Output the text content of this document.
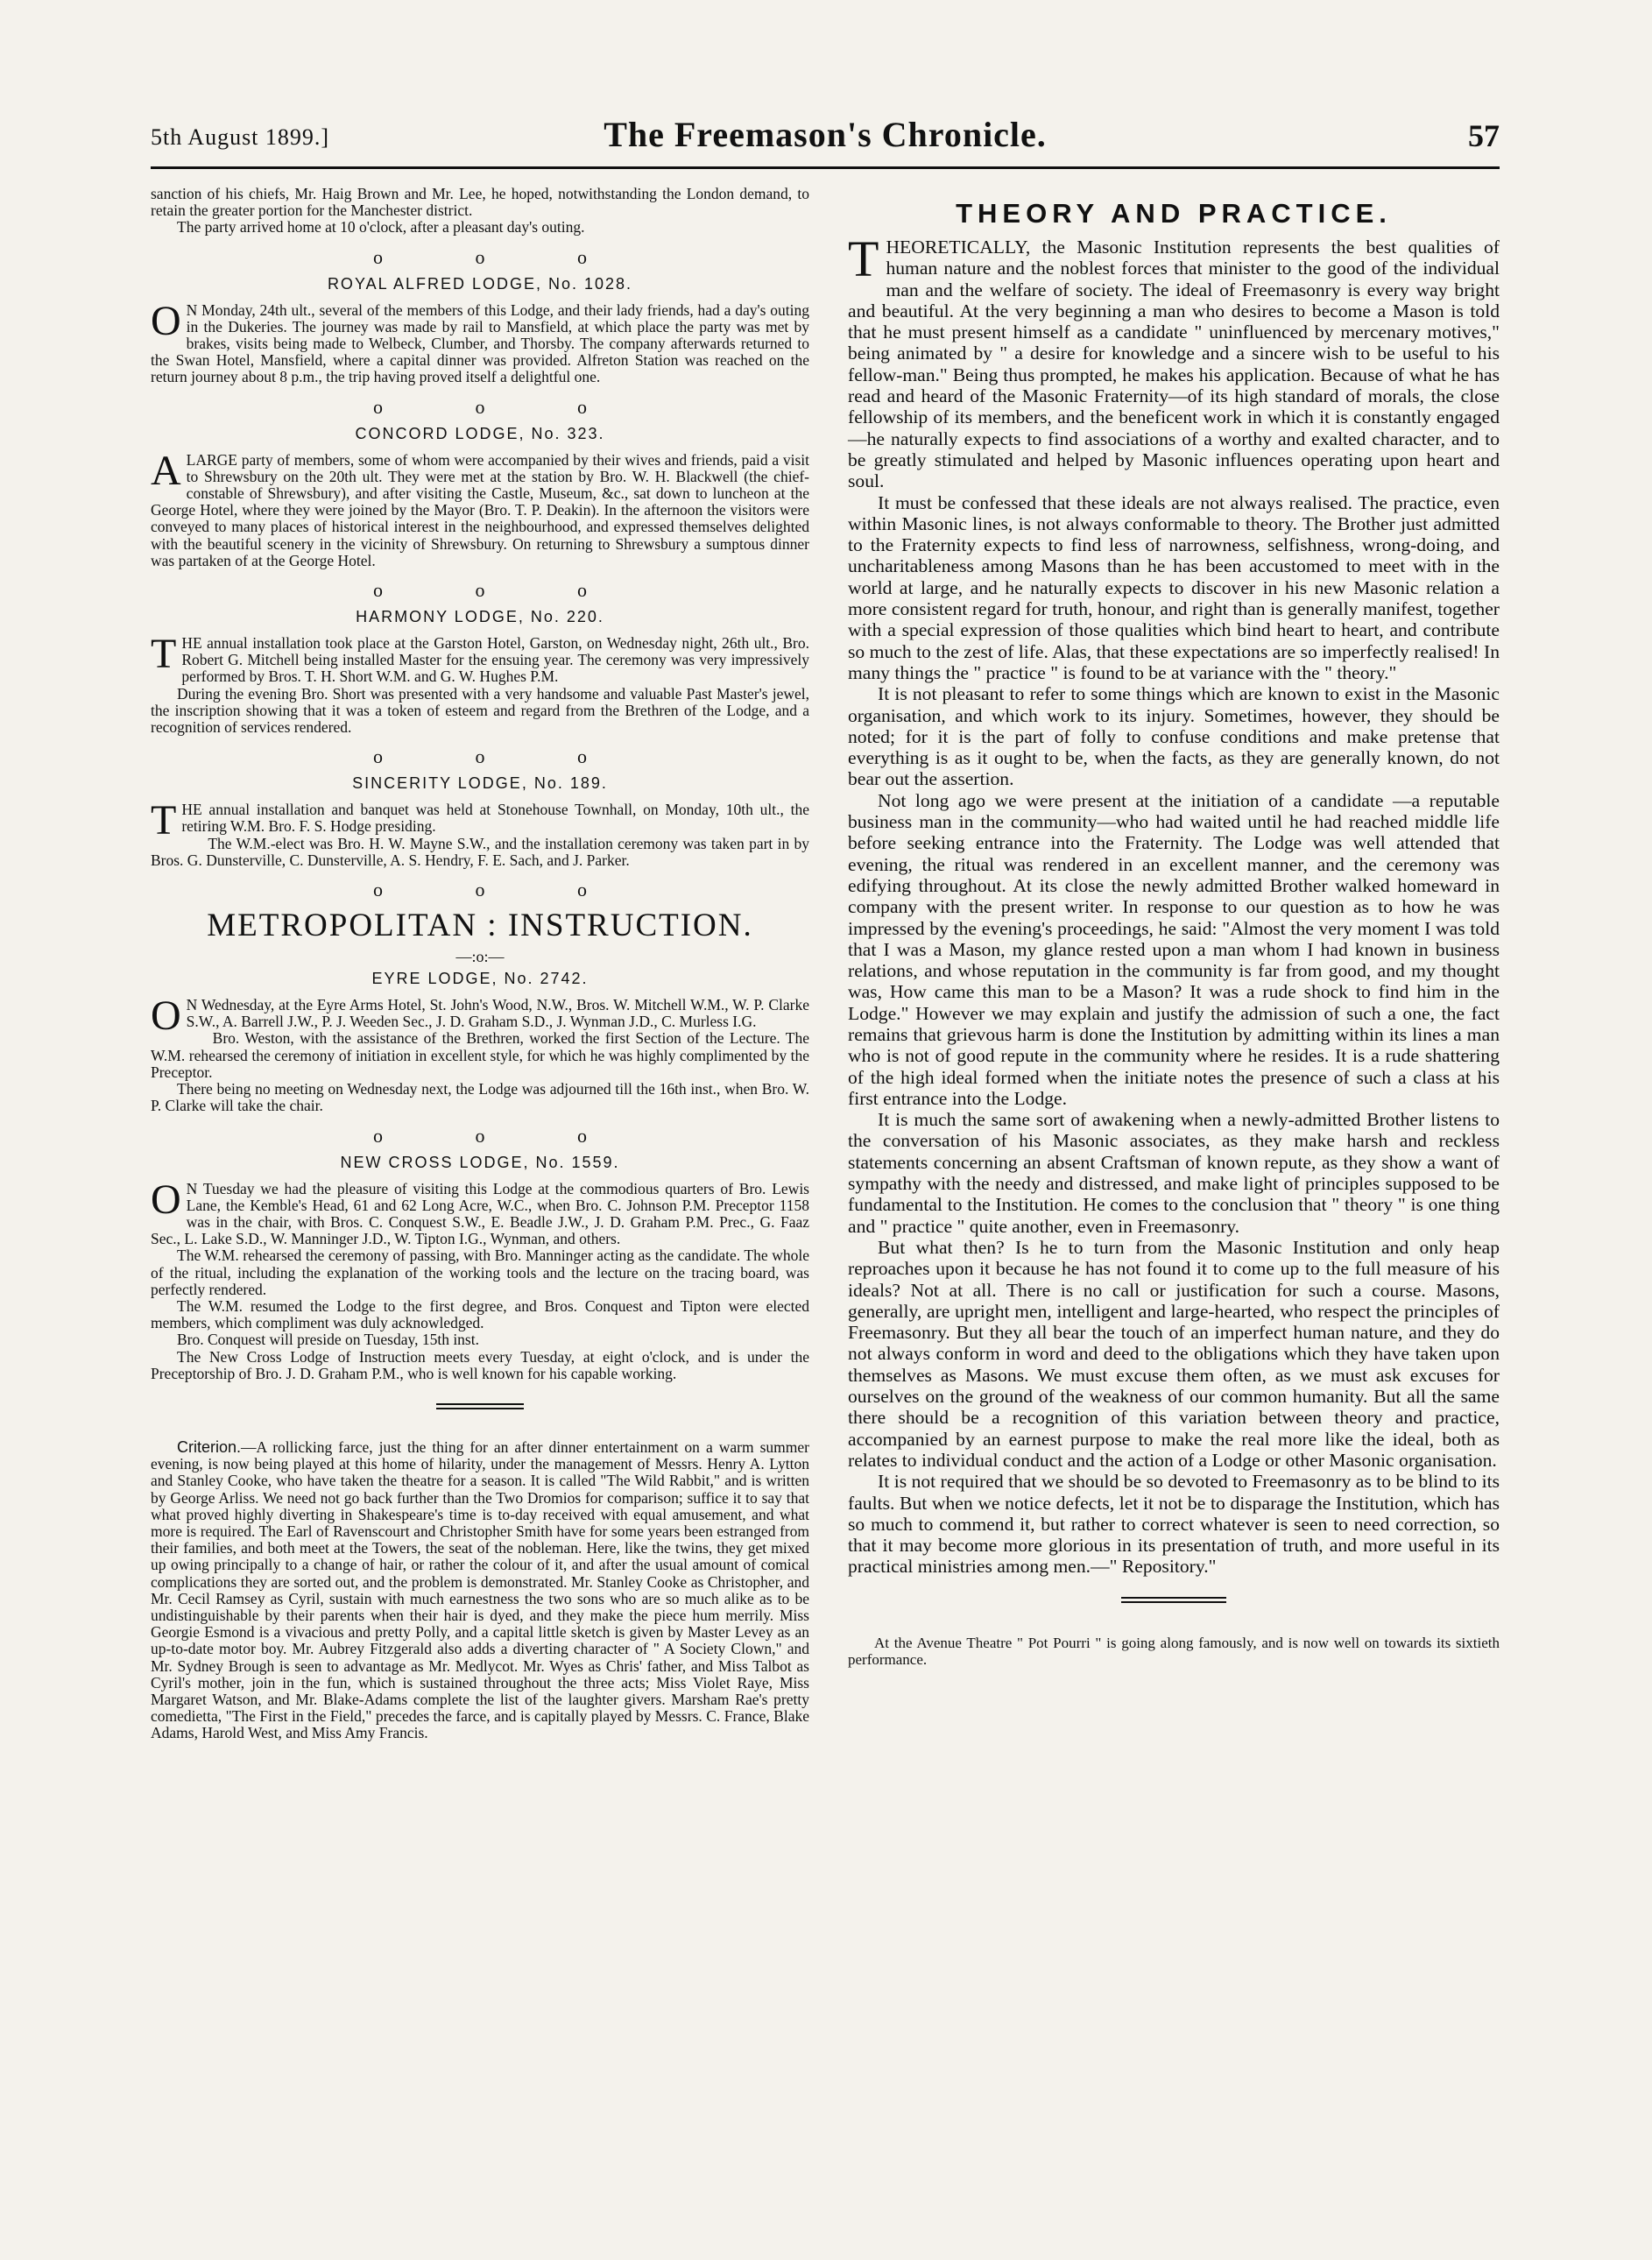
5th August 1899.]	The Freemason's Chronicle.	57

sanction of his chiefs, Mr. Haig Brown and Mr. Lee, he hoped, notwithstanding the London demand, to retain the greater portion for the Manchester district.

The party arrived home at 10 o'clock, after a pleasant day's outing.

o o o
ROYAL ALFRED LODGE, No. 1028.

O N Monday, 24th ult., several of the members of this Lodge, and their lady friends, had a day's outing in the Dukeries. The journey was made by rail to Mansfield, at which place the party was met by brakes, visits being made to Welbeck, Clumber, and Thorsby. The company afterwards returned to the Swan Hotel, Mansfield, where a capital dinner was provided. Alfreton Station was reached on the return journey about 8 p.m., the trip having proved itself a delightful one.

o o o
CONCORD LODGE, No. 323.

ALARGE party of members, some of whom were accompanied by their wives and friends, paid a visit to Shrewsbury on the 20th ult. They were met at the station by Bro. W. H. Blackwell (the chief-constable of Shrewsbury), and after visiting the Castle, Museum, &c., sat down to luncheon at the George Hotel, where they were joined by the Mayor (Bro. T. P. Deakin). In the afternoon the visitors were conveyed to many places of historical interest in the neighbourhood, and expressed themselves delighted with the beautiful scenery in the vicinity of Shrewsbury. On returning to Shrewsbury a sumptous dinner was partaken of at the George Hotel.

o o o
HARMONY LODGE, No. 220.

THE annual installation took place at the Garston Hotel, Garston, on Wednesday night, 26th ult., Bro. Robert G. Mitchell being installed Master for the ensuing year. The ceremony was very impressively performed by Bros. T. H. Short W.M. and G. W. Hughes P.M.

During the evening Bro. Short was presented with a very handsome and valuable Past Master's jewel, the inscription showing that it was a token of esteem and regard from the Brethren of the Lodge, and a recognition of services rendered.

o o o
SINCERITY LODGE, No. 189.

THE annual installation and banquet was held at Stonehouse Townhall, on Monday, 10th ult., the retiring W.M. Bro. F. S. Hodge presiding.

The W.M.-elect was Bro. H. W. Mayne S.W., and the installation ceremony was taken part in by Bros. G. Dunsterville, C. Dunsterville, A. S. Hendry, F. E. Sach, and J. Parker.

o o o
METROPOLITAN : INSTRUCTION.
—:o:—
EYRE LODGE, No. 2742.

O N Wednesday, at the Eyre Arms Hotel, St. John's Wood, N.W., Bros. W. Mitchell W.M., W. P. Clarke S.W., A. Barrell J.W., P. J. Weeden Sec., J. D. Graham S.D., J. Wynman J.D., C. Murless I.G.

Bro. Weston, with the assistance of the Brethren, worked the first Section of the Lecture. The W.M. rehearsed the ceremony of initiation in excellent style, for which he was highly complimented by the Preceptor.

There being no meeting on Wednesday next, the Lodge was adjourned till the 16th inst., when Bro. W. P. Clarke will take the chair.

o o o
NEW CROSS LODGE, No. 1559.

O N Tuesday we had the pleasure of visiting this Lodge at the commodious quarters of Bro. Lewis Lane, the Kemble's Head, 61 and 62 Long Acre, W.C., when Bro. C. Johnson P.M. Preceptor 1158 was in the chair, with Bros. C. Conquest S.W., E. Beadle J.W., J. D. Graham P.M. Prec., G. Faaz Sec., L. Lake S.D., W. Manninger J.D., W. Tipton I.G., Wynman, and others.

The W.M. rehearsed the ceremony of passing, with Bro. Manninger acting as the candidate. The whole of the ritual, including the explanation of the working tools and the lecture on the tracing board, was perfectly rendered.

The W.M. resumed the Lodge to the first degree, and Bros. Conquest and Tipton were elected members, which compliment was duly acknowledged.

Bro. Conquest will preside on Tuesday, 15th inst.

The New Cross Lodge of Instruction meets every Tuesday, at eight o'clock, and is under the Preceptorship of Bro. J. D. Graham P.M., who is well known for his capable working.

Criterion.—A rollicking farce, just the thing for an after dinner entertainment on a warm summer evening, is now being played at this home of hilarity, under the management of Messrs. Henry A. Lytton and Stanley Cooke, who have taken the theatre for a season. It is called "The Wild Rabbit," and is written by George Arliss. We need not go back further than the Two Dromios for comparison; suffice it to say that what proved highly diverting in Shakespeare's time is to-day received with equal amusement, and what more is required. The Earl of Ravenscourt and Christopher Smith have for some years been estranged from their families, and both meet at the Towers, the seat of the nobleman. Here, like the twins, they get mixed up owing principally to a change of hair, or rather the colour of it, and after the usual amount of comical complications they are sorted out, and the problem is demonstrated. Mr. Stanley Cooke as Christopher, and Mr. Cecil Ramsey as Cyril, sustain with much earnestness the two sons who are so much alike as to be undistinguishable by their parents when their hair is dyed, and they make the piece hum merrily. Miss Georgie Esmond is a vivacious and pretty Polly, and a capital little sketch is given by Master Levey as an up-to-date motor boy. Mr. Aubrey Fitzgerald also adds a diverting character of " A Society Clown," and Mr. Sydney Brough is seen to advantage as Mr. Medlycot. Mr. Wyes as Chris' father, and Miss Talbot as Cyril's mother, join in the fun, which is sustained throughout the three acts; Miss Violet Raye, Miss Margaret Watson, and Mr. Blake-Adams complete the list of the laughter givers. Marsham Rae's pretty comedietta, "The First in the Field," precedes the farce, and is capitally played by Messrs. C. France, Blake Adams, Harold West, and Miss Amy Francis.

THEORY AND PRACTICE.

THEORETICALLY, the Masonic Institution represents the best qualities of human nature and the noblest forces that minister to the good of the individual man and the welfare of society. The ideal of Freemasonry is every way bright and beautiful. At the very beginning a man who desires to become a Mason is told that he must present himself as a candidate " uninfluenced by mercenary motives," being animated by " a desire for knowledge and a sincere wish to be useful to his fellow-man." Being thus prompted, he makes his application. Because of what he has read and heard of the Masonic Fraternity—of its high standard of morals, the close fellowship of its members, and the beneficent work in which it is constantly engaged—he naturally expects to find associations of a worthy and exalted character, and to be greatly stimulated and helped by Masonic influences operating upon heart and soul.

It must be confessed that these ideals are not always realised. The practice, even within Masonic lines, is not always conformable to theory. The Brother just admitted to the Fraternity expects to find less of narrowness, selfishness, wrong-doing, and uncharitableness among Masons than he has been accustomed to meet with in the world at large, and he naturally expects to discover in his new Masonic relation a more consistent regard for truth, honour, and right than is generally manifest, together with a special expression of those qualities which bind heart to heart, and contribute so much to the zest of life. Alas, that these expectations are so imperfectly realised! In many things the " practice " is found to be at variance with the " theory."

It is not pleasant to refer to some things which are known to exist in the Masonic organisation, and which work to its injury. Sometimes, however, they should be noted; for it is the part of folly to confuse conditions and make pretense that everything is as it ought to be, when the facts, as they are generally known, do not bear out the assertion.

Not long ago we were present at the initiation of a candidate —a reputable business man in the community—who had waited until he had reached middle life before seeking entrance into the Fraternity. The Lodge was well attended that evening, the ritual was rendered in an excellent manner, and the ceremony was edifying throughout. At its close the newly admitted Brother walked homeward in company with the present writer. In response to our question as to how he was impressed by the evening's proceedings, he said: "Almost the very moment I was told that I was a Mason, my glance rested upon a man whom I had known in business relations, and whose reputation in the community is far from good, and my thought was, How came this man to be a Mason? It was a rude shock to find him in the Lodge." However we may explain and justify the admission of such a one, the fact remains that grievous harm is done the Institution by admitting within its lines a man who is not of good repute in the community where he resides. It is a rude shattering of the high ideal formed when the initiate notes the presence of such a class at his first entrance into the Lodge.

It is much the same sort of awakening when a newly-admitted Brother listens to the conversation of his Masonic associates, as they make harsh and reckless statements concerning an absent Craftsman of known repute, as they show a want of sympathy with the needy and distressed, and make light of principles supposed to be fundamental to the Institution. He comes to the conclusion that " theory " is one thing and " practice " quite another, even in Freemasonry.

But what then? Is he to turn from the Masonic Institution and only heap reproaches upon it because he has not found it to come up to the full measure of his ideals? Not at all. There is no call or justification for such a course. Masons, generally, are upright men, intelligent and large-hearted, who respect the principles of Freemasonry. But they all bear the touch of an imperfect human nature, and they do not always conform in word and deed to the obligations which they have taken upon themselves as Masons. We must excuse them often, as we must ask excuses for ourselves on the ground of the weakness of our common humanity. But all the same there should be a recognition of this variation between theory and practice, accompanied by an earnest purpose to make the real more like the ideal, both as relates to individual conduct and the action of a Lodge or other Masonic organisation.

It is not required that we should be so devoted to Freemasonry as to be blind to its faults. But when we notice defects, let it not be to disparage the Institution, which has so much to commend it, but rather to correct whatever is seen to need correction, so that it may become more glorious in its presentation of truth, and more useful in its practical ministries among men.—" Repository."

At the Avenue Theatre " Pot Pourri " is going along famously, and is now well on towards its sixtieth performance.
